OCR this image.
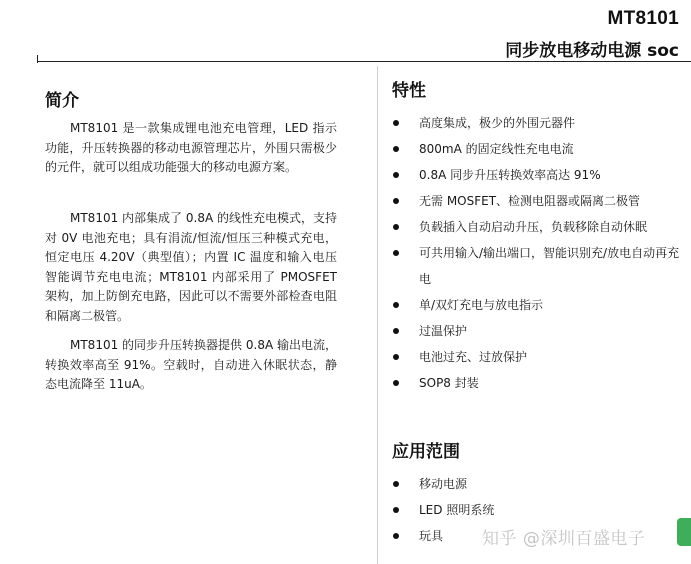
MT8101
同步放电移动电源 soc
简介

MT8101 是一款集成锂电池充电管理，LED 指示功能，升压转换器的移动电源管理芯片，外围只需极少的元件，就可以组成功能强大的移动电源方案。

MT8101 内部集成了 0.8A 的线性充电模式，支持对 0V 电池充电；具有涓流/恒流/恒压三种模式充电，恒定电压 4.20V（典型值）；内置 IC 温度和输入电压智能调节充电电流；MT8101 内部采用了 PMOSFET 架构，加上防倒充电路，因此可以不需要外部检查电阻和隔离二极管。

MT8101 的同步升压转换器提供 0.8A 输出电流，转换效率高至 91%。空载时，自动进入休眠状态，静态电流降至 11uA。

特性
高度集成，极少的外围元器件
800mA 的固定线性充电电流
0.8A 同步升压转换效率高达 91%
无需 MOSFET、检测电阻器或隔离二极管
负载插入自动启动升压，负载移除自动休眠
可共用输入/输出端口，智能识别充/放电自动再充电
单/双灯充电与放电指示
过温保护
电池过充、过放保护
SOP8 封装
应用范围
移动电源
LED 照明系统
玩具	知乎 @深圳百盛电子
